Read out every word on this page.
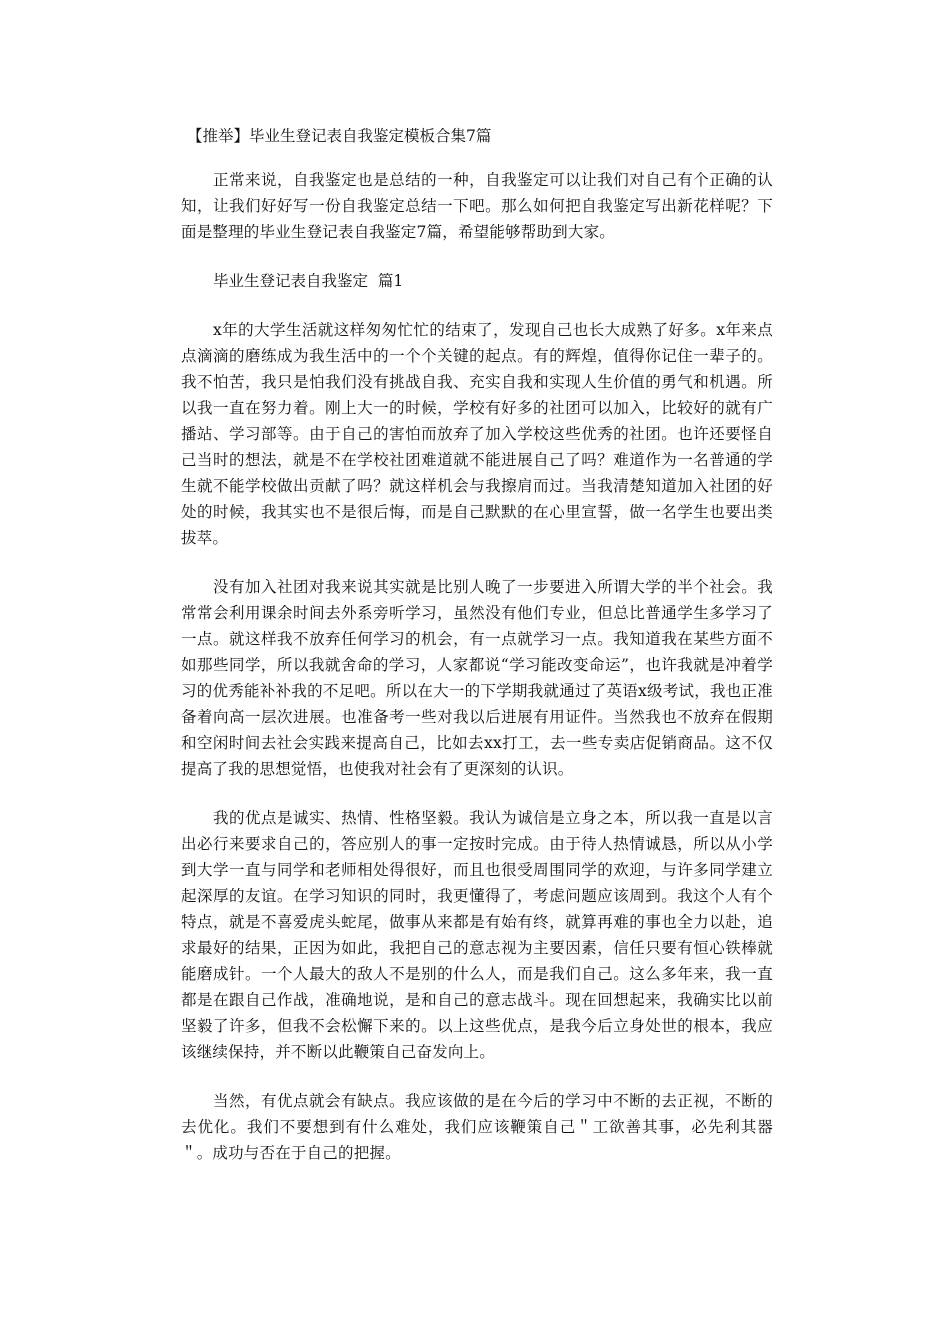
【推举】毕业生登记表自我鉴定模板合集7篇

正常来说，自我鉴定也是总结的一种，自我鉴定可以让我们对自己有个正确的认知，让我们好好写一份自我鉴定总结一下吧。那么如何把自我鉴定写出新花样呢？下面是整理的毕业生登记表自我鉴定7篇，希望能够帮助到大家。

毕业生登记表自我鉴定  篇1

x年的大学生活就这样匆匆忙忙的结束了，发现自己也长大成熟了好多。x年来点点滴滴的磨练成为我生活中的一个个关键的起点。有的辉煌，值得你记住一辈子的。我不怕苦，我只是怕我们没有挑战自我、充实自我和实现人生价值的勇气和机遇。所以我一直在努力着。刚上大一的时候，学校有好多的社团可以加入，比较好的就有广播站、学习部等。由于自己的害怕而放弃了加入学校这些优秀的社团。也许还要怪自己当时的想法，就是不在学校社团难道就不能进展自己了吗？难道作为一名普通的学生就不能学校做出贡献了吗？就这样机会与我擦肩而过。当我清楚知道加入社团的好处的时候，我其实也不是很后悔，而是自己默默的在心里宣誓，做一名学生也要出类拔萃。

没有加入社团对我来说其实就是比别人晚了一步要进入所谓大学的半个社会。我常常会利用课余时间去外系旁听学习，虽然没有他们专业，但总比普通学生多学习了一点。就这样我不放弃任何学习的机会，有一点就学习一点。我知道我在某些方面不如那些同学，所以我就舍命的学习，人家都说“学习能改变命运”，也许我就是冲着学习的优秀能补补我的不足吧。所以在大一的下学期我就通过了英语x级考试，我也正准备着向高一层次进展。也准备考一些对我以后进展有用证件。当然我也不放弃在假期和空闲时间去社会实践来提高自己，比如去xx打工，去一些专卖店促销商品。这不仅提高了我的思想觉悟，也使我对社会有了更深刻的认识。

我的优点是诚实、热情、性格坚毅。我认为诚信是立身之本，所以我一直是以言出必行来要求自己的，答应别人的事一定按时完成。由于待人热情诚恳，所以从小学到大学一直与同学和老师相处得很好，而且也很受周围同学的欢迎，与许多同学建立起深厚的友谊。在学习知识的同时，我更懂得了，考虑问题应该周到。我这个人有个特点，就是不喜爱虎头蛇尾，做事从来都是有始有终，就算再难的事也全力以赴，追求最好的结果，正因为如此，我把自己的意志视为主要因素，信任只要有恒心铁棒就能磨成针。一个人最大的敌人不是别的什么人，而是我们自己。这么多年来，我一直都是在跟自己作战，准确地说，是和自己的意志战斗。现在回想起来，我确实比以前坚毅了许多，但我不会松懈下来的。以上这些优点，是我今后立身处世的根本，我应该继续保持，并不断以此鞭策自己奋发向上。

当然，有优点就会有缺点。我应该做的是在今后的学习中不断的去正视，不断的去优化。我们不要想到有什么难处，我们应该鞭策自己＂工欲善其事，必先利其器＂。成功与否在于自己的把握。
